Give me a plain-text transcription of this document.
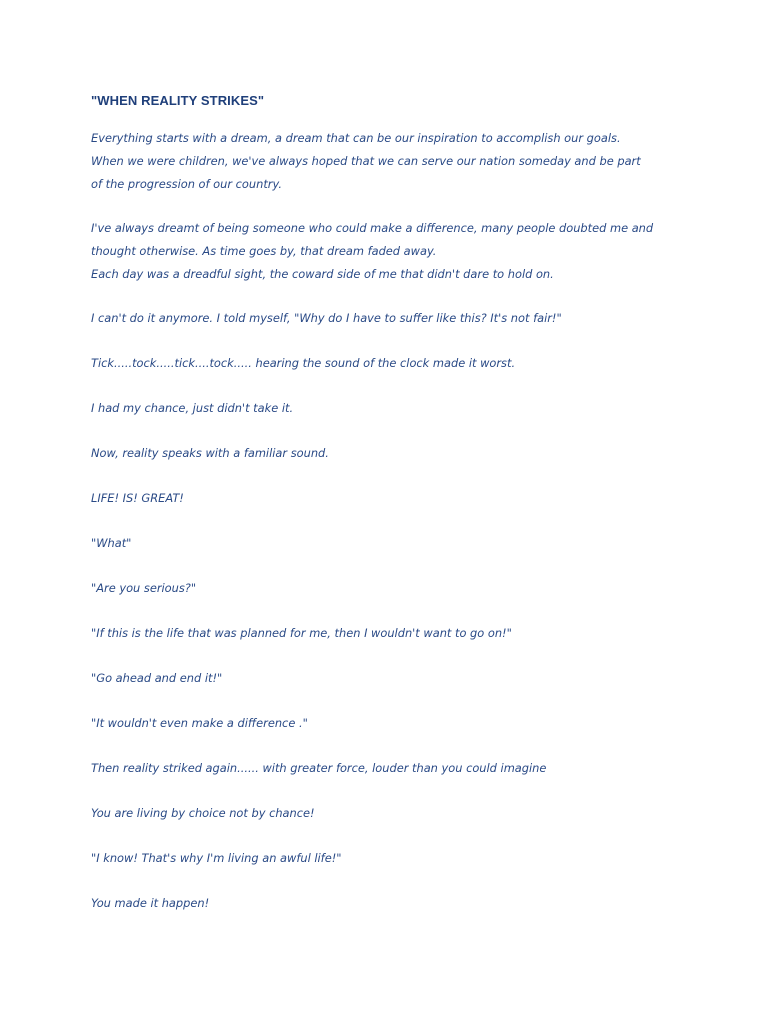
"WHEN REALITY STRIKES"
Everything starts with a dream, a dream that can be our inspiration to accomplish our goals.
When we were children, we've always hoped that we can serve our nation someday and be part
of the progression of our country.
I've always dreamt of being someone who could make a difference, many people doubted me and
thought otherwise. As time goes by, that dream faded away.
Each day was a dreadful sight, the coward side of me that didn't dare to hold on.
I can't do it anymore. I told myself, "Why do I have to suffer like this? It's not fair!"
Tick.....tock.....tick....tock..... hearing the sound of the clock made it worst.
I had my chance, just didn't take it.
Now, reality speaks with a familiar sound.
LIFE! IS! GREAT!
"What"
"Are you serious?"
"If this is the life that was planned for me, then I wouldn't want to go on!"
"Go ahead and end it!"
"It wouldn't even make a difference ."
Then reality striked again...... with greater force, louder than you could imagine
You are living by choice not by chance!
"I know! That's why I'm living an awful life!"
You made it happen!
